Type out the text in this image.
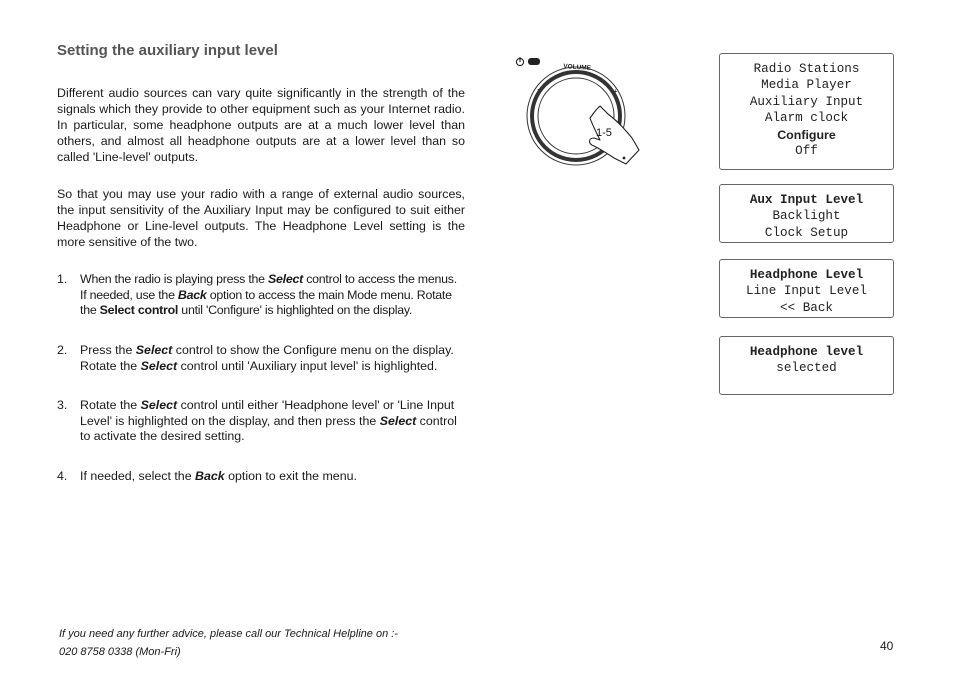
Setting the auxiliary input level

Different audio sources can vary quite significantly in the strength of the signals which they provide to other equipment such as your Internet radio. In particular, some headphone outputs are at a much lower level than others, and almost all headphone outputs are at a lower level than so called 'Line-level' outputs.

So that you may use your radio with a range of external audio sources, the input sensitivity of the Auxiliary Input may be configured to suit either Headphone or Line-level outputs. The Headphone Level setting is the more sensitive of the two.

1.	When the radio is playing press the Select control to access the menus. If needed, use the Back option to access the main Mode menu. Rotate the Select control until 'Configure' is highlighted on the display.
2.	Press the Select control to show the Configure menu on the display. Rotate the Select control until 'Auxiliary input level' is highlighted.
3.	Rotate the Select control until either 'Headphone level' or 'Line Input Level' is highlighted on the display, and then press the Select control to activate the desired setting.
4.	If needed, select the Back option to exit the menu.
VOLUME
−	+
1-5
Radio Stations
Media Player
Auxiliary Input
Alarm clock
Configure
Off
Aux Input Level
Backlight
Clock Setup
Headphone Level
Line Input Level
<< Back
Headphone level
selected
If you need any further advice, please call our Technical Helpline on :-
020 8758 0338 (Mon-Fri)	40
